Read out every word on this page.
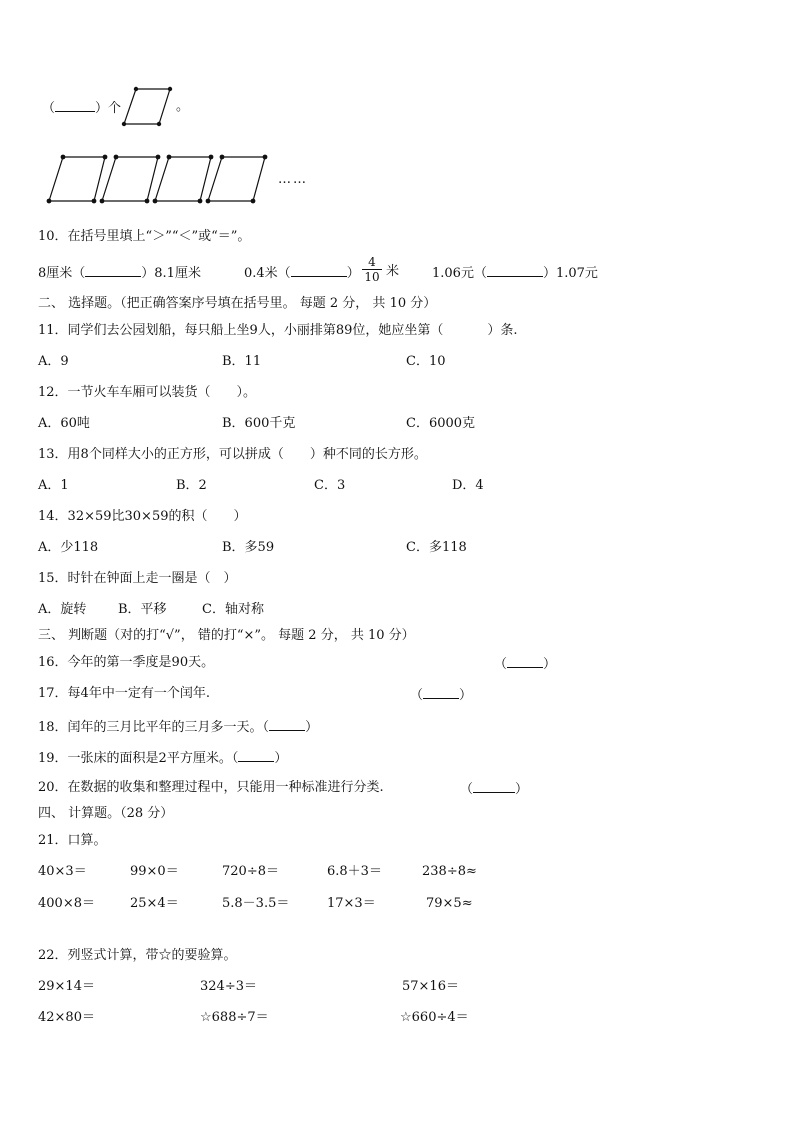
（	）个	。
……
10．在括号里填上“＞”“＜”或“＝”。
8厘米（	）8.1厘米	0.4米（	） $\frac{4}{10}$ 米	1.06元（	）1.07元
二、 选择题。（把正确答案序号填在括号里。 每题 2 分， 共 10 分）
11．同学们去公园划船，每只船上坐9人，小丽排第89位，她应坐第（	）条.
A．9	B．11	C．10
12．一节火车车厢可以装货（　　）。
A．60吨	B．600千克	C．6000克
13．用8个同样大小的正方形，可以拼成（　　）种不同的长方形。
A．1	B．2	C．3	D．4
14．32×59比30×59的积（　　）
A．少118	B．多59	C．多118
15．时针在钟面上走一圈是（　）
A．旋转 B．平移	C．轴对称
三、 判断题（对的打“√”， 错的打“×”。 每题 2 分， 共 10 分）
16．今年的第一季度是90天。	（	）
17．每4年中一定有一个闰年.	（	）
18．闰年的三月比平年的三月多一天。（	）
19．一张床的面积是2平方厘米。（	）
20．在数据的收集和整理过程中，只能用一种标准进行分类.	（	）
四、 计算题。（28 分）
21．口算。
40×3＝	99×0＝	720÷8＝	6.8＋3＝	238÷8≈
400×8＝	25×4＝	5.8－3.5＝	17×3＝	79×5≈
22．列竖式计算，带☆的要验算。
29×14＝	324÷3＝	57×16＝
42×80＝	☆688÷7＝	☆660÷4＝
